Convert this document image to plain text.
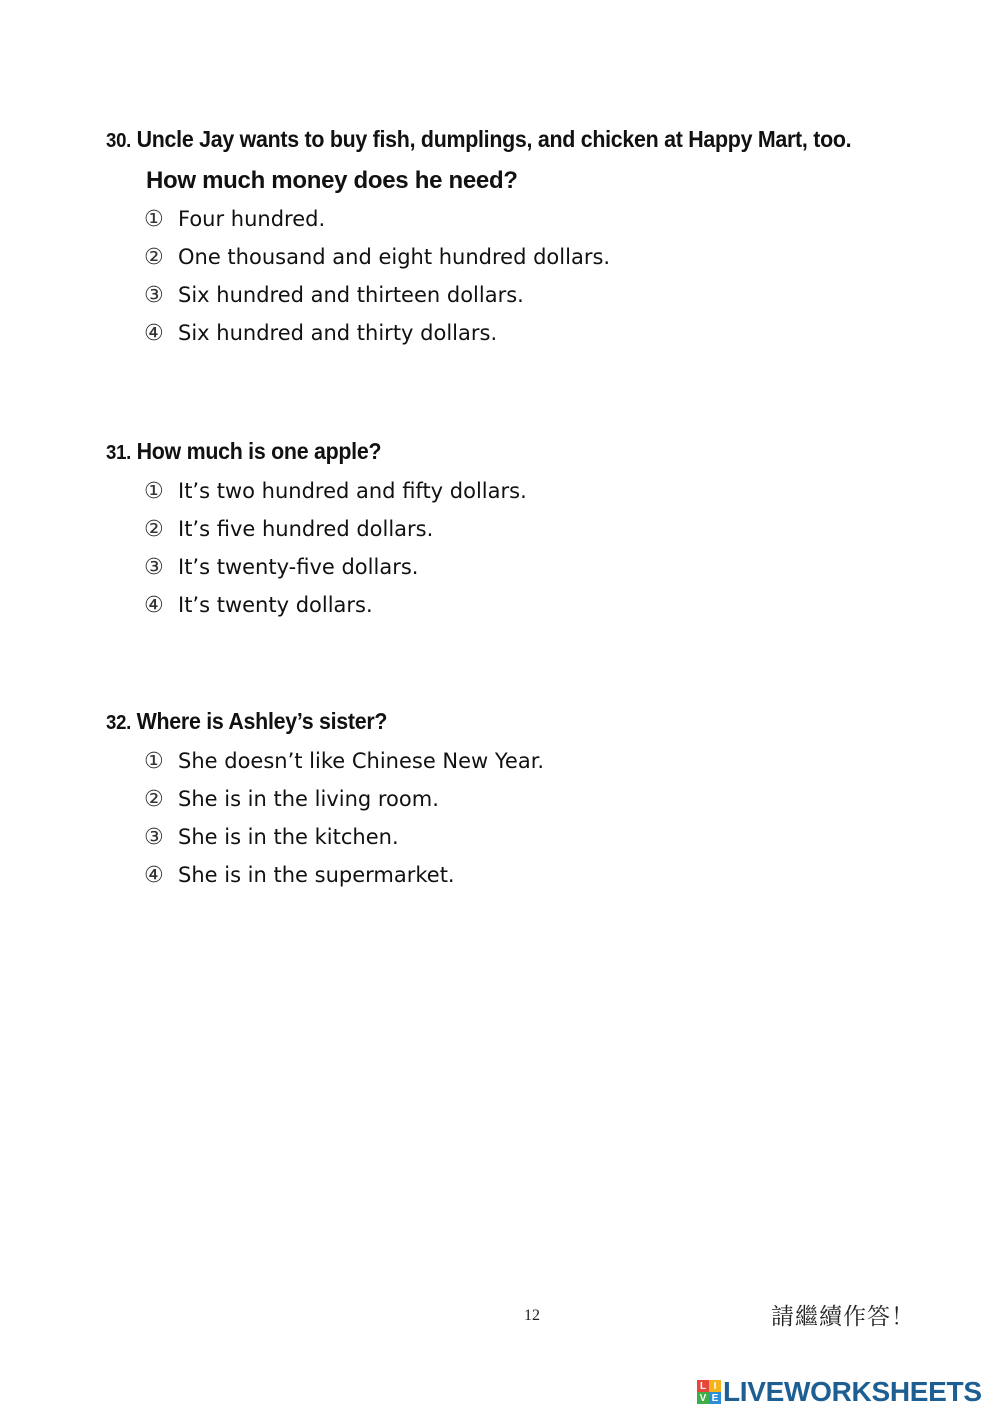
30. Uncle Jay wants to buy fish, dumplings, and chicken at Happy Mart, too.
How much money does he need?
① Four hundred.
② One thousand and eight hundred dollars.
③ Six hundred and thirteen dollars.
④ Six hundred and thirty dollars.
31. How much is one apple?
① It’s two hundred and fifty dollars.
② It’s five hundred dollars.
③ It’s twenty-five dollars.
④ It’s twenty dollars.
32. Where is Ashley’s sister?
① She doesn’t like Chinese New Year.
② She is in the living room.
③ She is in the kitchen.
④ She is in the supermarket.
12	請繼續作答！
L I
V E LIVEWORKSHEETS
